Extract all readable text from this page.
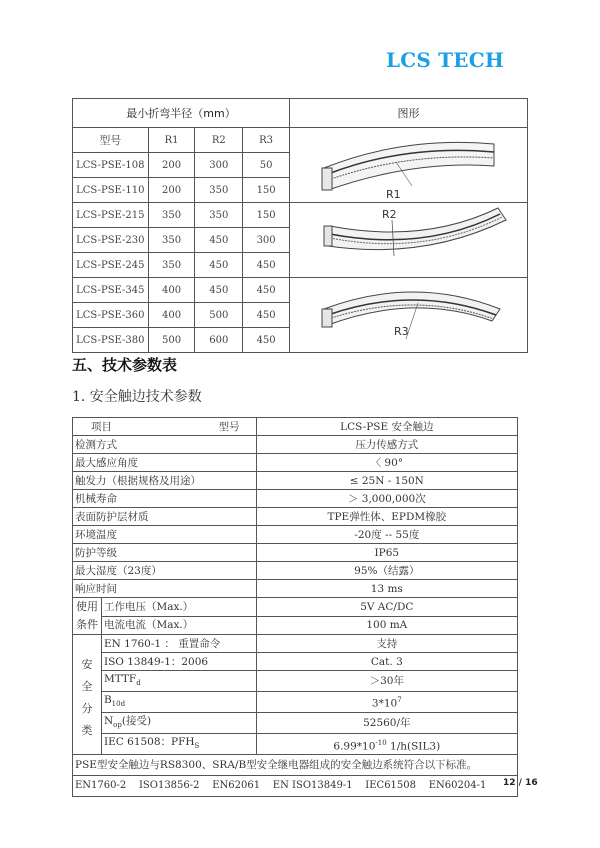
LCS TECH
最小折弯半径（mm）				图形
型号	R1	R2	R3	R1

LCS-PSE-108	200	300	50	
LCS-PSE-110	200	350	150	
LCS-PSE-215	350	350	150	R2

LCS-PSE-230	350	450	300	
LCS-PSE-245	350	450	450	
LCS-PSE-345	400	450	450	R3

LCS-PSE-360	400	500	450	
LCS-PSE-380	500	600	450	
五、技术参数表
1. 安全触边技术参数
项目 型号		LCS-PSE 安全触边
检测方式		压力传感方式
最大感应角度		〈 90°
触发力（根据规格及用途）		≤ 25N - 150N
机械寿命		＞ 3,000,000次
表面防护层材质		TPE弹性体、EPDM橡胶
环境温度		-20度 -- 55度
防护等级		IP65
最大湿度（23度）		95%（结露）
响应时间		13 ms
使用条件	工作电压（Max.）	5V AC/DC
	电流电流（Max.）	100 mA
安
全
分
类	EN 1760-1 ： 重置命令	支持
	ISO 13849-1：2006	Cat. 3
	$MTTF_d$	＞30年
	$B_{10d}$	$3*10^7$
	$N_{op}$(接受)	52560/年
	IEC 61508：$PFH_S$	$6.99*10^{-10}$ 1/h(SIL3)
PSE型安全触边与RS8300、SRA/B型安全继电器组成的安全触边系统符合以下标准。		
EN1760-2    ISO13856-2    EN62061    EN ISO13849-1    IEC61508    EN60204-1		12 / 16
